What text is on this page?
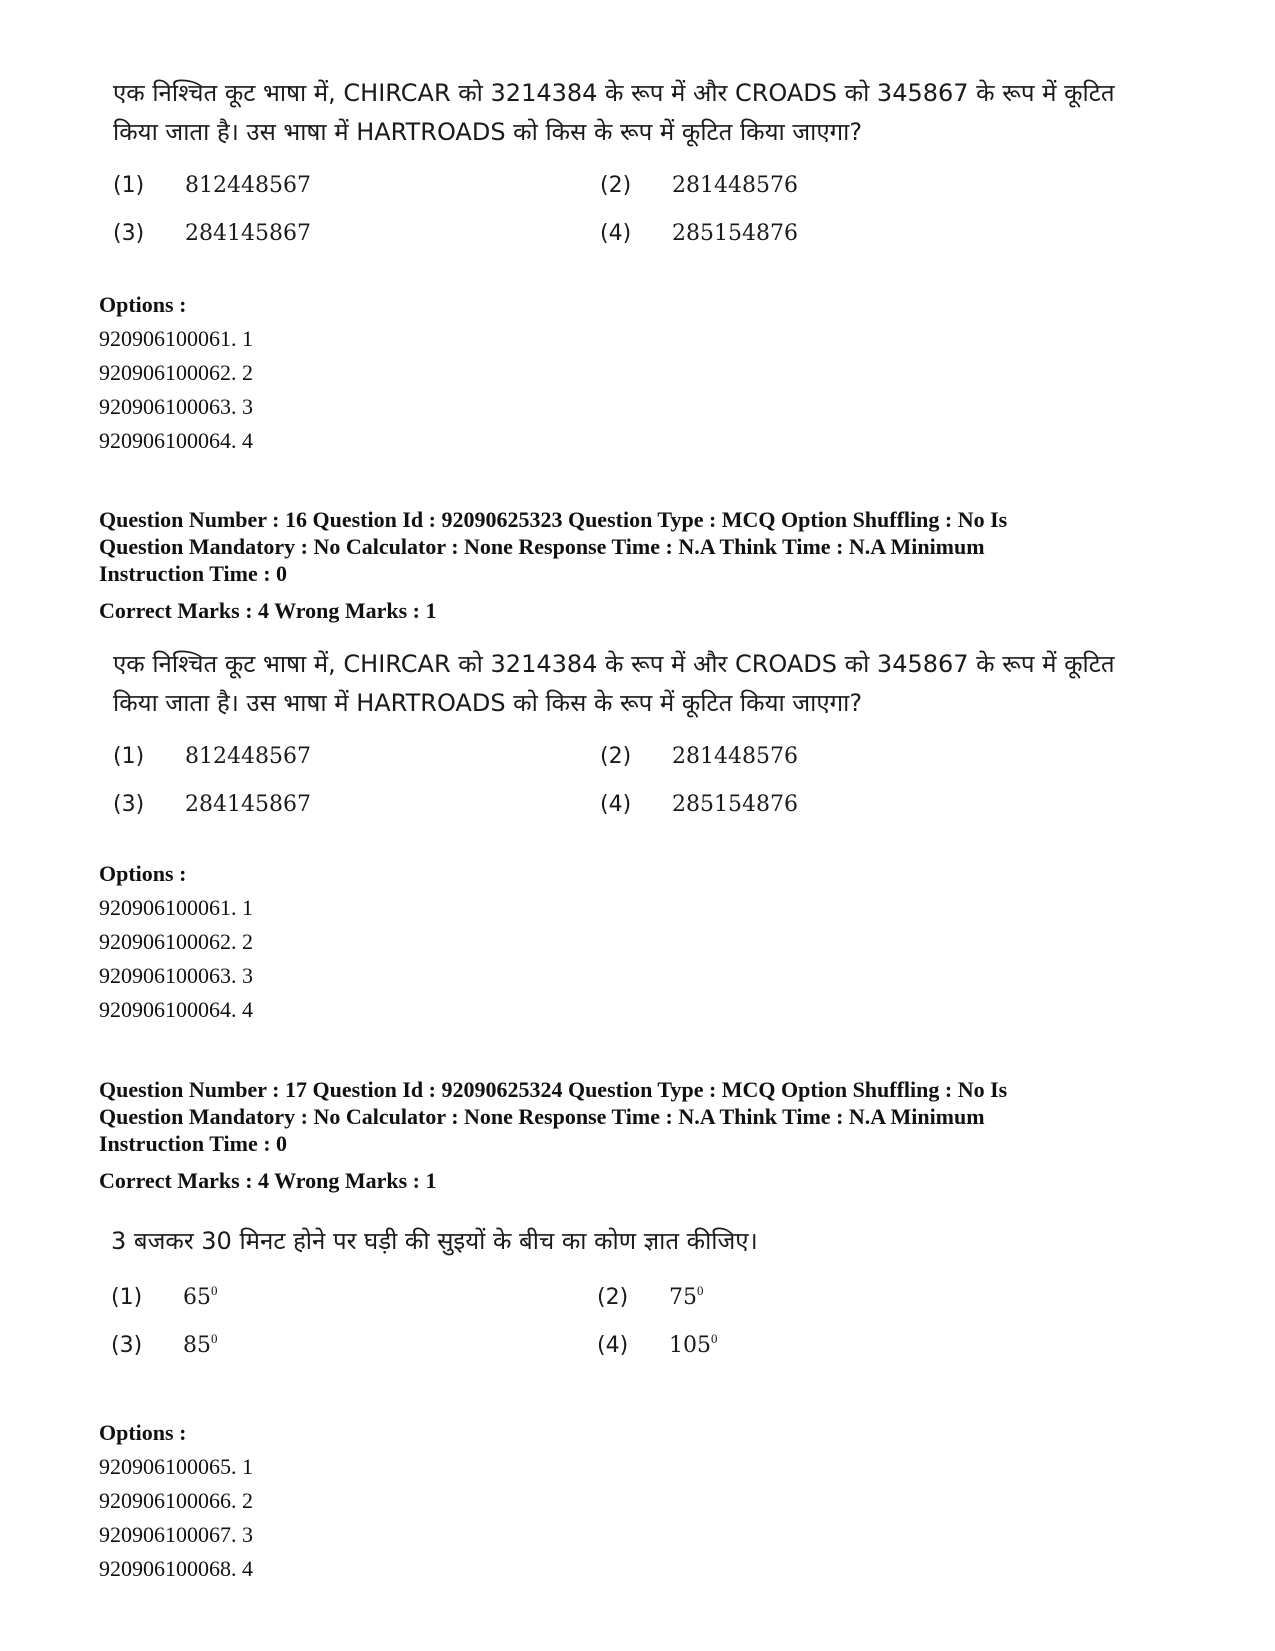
एक निश्चित कूट भाषा में, CHIRCAR को 3214384 के रूप में और CROADS को 345867 के रूप में कूटित किया जाता है। उस भाषा में HARTROADS को किस के रूप में कूटित किया जाएगा?
(1) 812448567	(2) 281448576
(3) 284145867	(4) 285154876
Options :
920906100061. 1
920906100062. 2
920906100063. 3
920906100064. 4
Question Number : 16 Question Id : 92090625323 Question Type : MCQ Option Shuffling : No Is
Question Mandatory : No Calculator : None Response Time : N.A Think Time : N.A Minimum
Instruction Time : 0
Correct Marks : 4 Wrong Marks : 1
एक निश्चित कूट भाषा में, CHIRCAR को 3214384 के रूप में और CROADS को 345867 के रूप में कूटित किया जाता है। उस भाषा में HARTROADS को किस के रूप में कूटित किया जाएगा?
(1) 812448567	(2) 281448576
(3) 284145867	(4) 285154876
Options :
920906100061. 1
920906100062. 2
920906100063. 3
920906100064. 4
Question Number : 17 Question Id : 92090625324 Question Type : MCQ Option Shuffling : No Is
Question Mandatory : No Calculator : None Response Time : N.A Think Time : N.A Minimum
Instruction Time : 0
Correct Marks : 4 Wrong Marks : 1
3 बजकर 30 मिनट होने पर घड़ी की सुइयों के बीच का कोण ज्ञात कीजिए।
(1) $65^0$	(2) $75^0$
(3) $85^0$	(4) $105^0$
Options :
920906100065. 1
920906100066. 2
920906100067. 3
920906100068. 4
